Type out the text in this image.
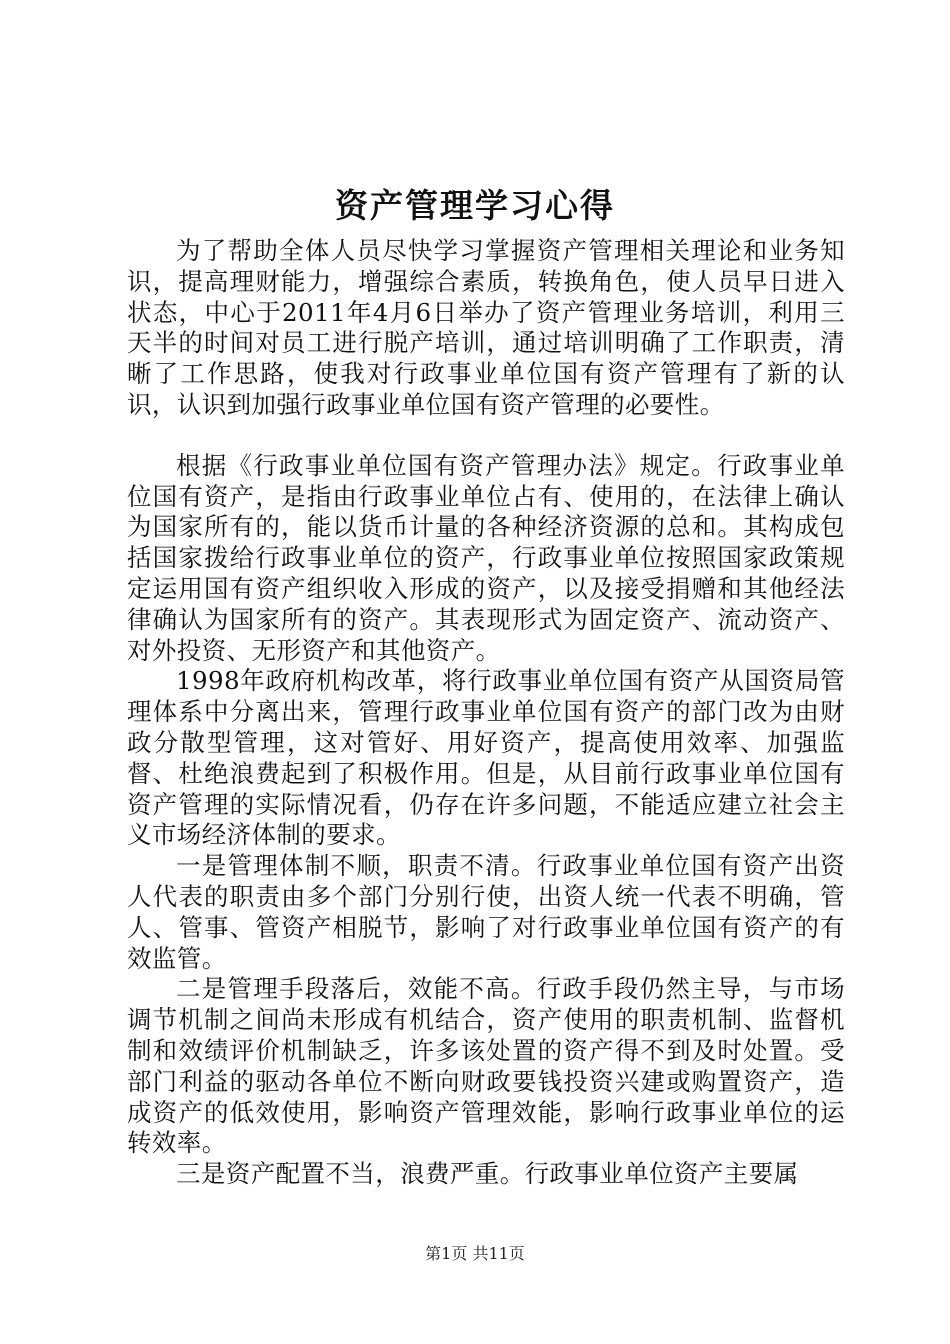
资产管理学习心得

为了帮助全体人员尽快学习掌握资产管理相关理论和业务知识，提高理财能力，增强综合素质，转换角色，使人员早日进入状态，中心于2011年4月6日举办了资产管理业务培训，利用三天半的时间对员工进行脱产培训，通过培训明确了工作职责，清晰了工作思路，使我对行政事业单位国有资产管理有了新的认识，认识到加强行政事业单位国有资产管理的必要性。

根据《行政事业单位国有资产管理办法》规定。行政事业单位国有资产，是指由行政事业单位占有、使用的，在法律上确认为国家所有的，能以货币计量的各种经济资源的总和。其构成包括国家拨给行政事业单位的资产，行政事业单位按照国家政策规定运用国有资产组织收入形成的资产，以及接受捐赠和其他经法律确认为国家所有的资产。其表现形式为固定资产、流动资产、对外投资、无形资产和其他资产。

1998年政府机构改革，将行政事业单位国有资产从国资局管理体系中分离出来，管理行政事业单位国有资产的部门改为由财政分散型管理，这对管好、用好资产，提高使用效率、加强监督、杜绝浪费起到了积极作用。但是，从目前行政事业单位国有资产管理的实际情况看，仍存在许多问题，不能适应建立社会主义市场经济体制的要求。

一是管理体制不顺，职责不清。行政事业单位国有资产出资人代表的职责由多个部门分别行使，出资人统一代表不明确，管人、管事、管资产相脱节，影响了对行政事业单位国有资产的有效监管。

二是管理手段落后，效能不高。行政手段仍然主导，与市场调节机制之间尚未形成有机结合，资产使用的职责机制、监督机制和效绩评价机制缺乏，许多该处置的资产得不到及时处置。受部门利益的驱动各单位不断向财政要钱投资兴建或购置资产，造成资产的低效使用，影响资产管理效能，影响行政事业单位的运转效率。

三是资产配置不当，浪费严重。行政事业单位资产主要属

第1页 共11页
